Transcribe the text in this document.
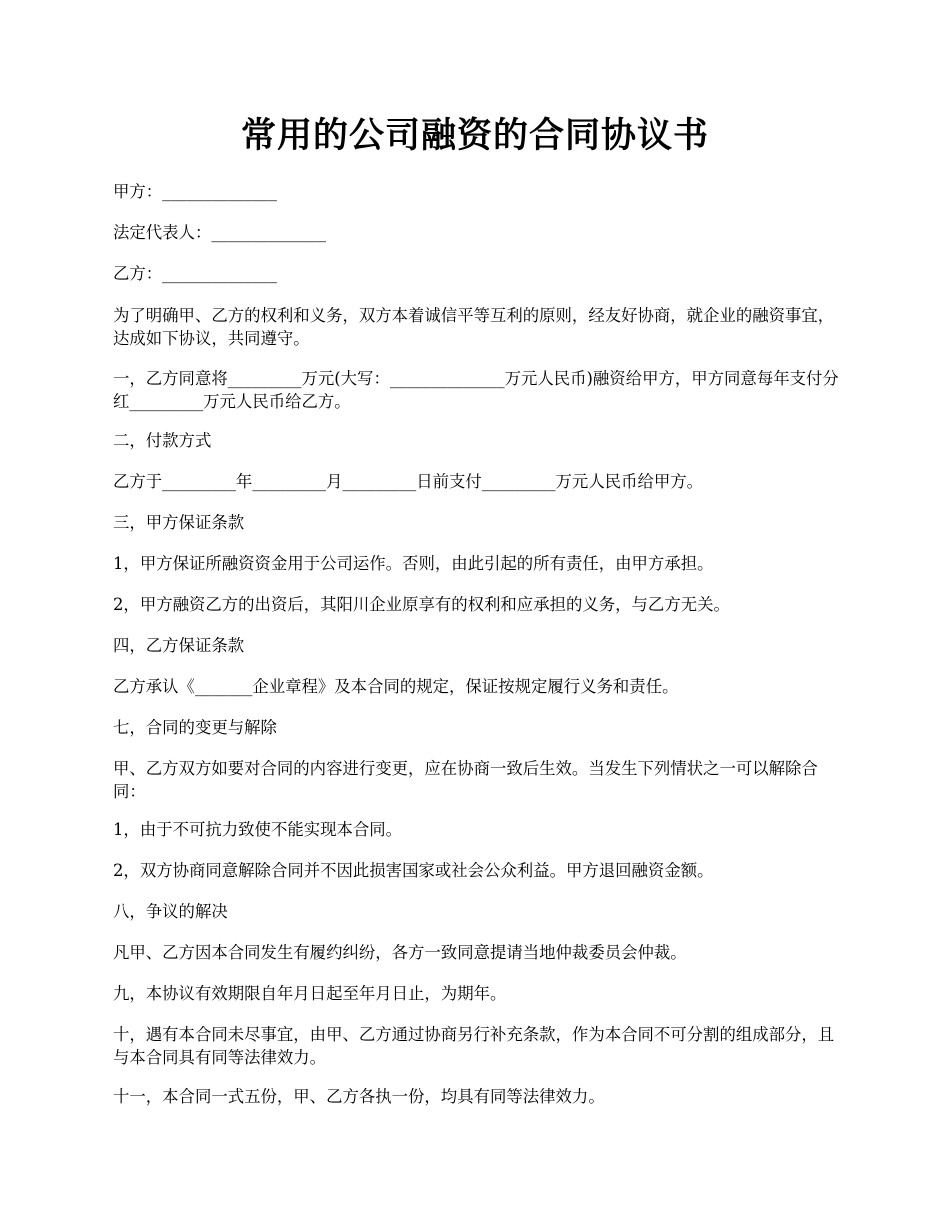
常用的公司融资的合同协议书
甲方：______________
法定代表人：______________
乙方：______________
为了明确甲、乙方的权利和义务，双方本着诚信平等互利的原则，经友好协商，就企业的融资事宜，达成如下协议，共同遵守。
一，乙方同意将_________万元(大写：______________万元人民币)融资给甲方，甲方同意每年支付分红_________万元人民币给乙方。
二，付款方式
乙方于_________年_________月_________日前支付_________万元人民币给甲方。
三，甲方保证条款
1，甲方保证所融资资金用于公司运作。否则，由此引起的所有责任，由甲方承担。
2，甲方融资乙方的出资后，其阳川企业原享有的权利和应承担的义务，与乙方无关。
四，乙方保证条款
乙方承认《_______企业章程》及本合同的规定，保证按规定履行义务和责任。
七，合同的变更与解除
甲、乙方双方如要对合同的内容进行变更，应在协商一致后生效。当发生下列情状之一可以解除合同：
1，由于不可抗力致使不能实现本合同。
2，双方协商同意解除合同并不因此损害国家或社会公众利益。甲方退回融资金额。
八，争议的解决
凡甲、乙方因本合同发生有履约纠纷，各方一致同意提请当地仲裁委员会仲裁。
九，本协议有效期限自年月日起至年月日止，为期年。
十，遇有本合同未尽事宜，由甲、乙方通过协商另行补充条款，作为本合同不可分割的组成部分，且与本合同具有同等法律效力。
十一，本合同一式五份，甲、乙方各执一份，均具有同等法律效力。
